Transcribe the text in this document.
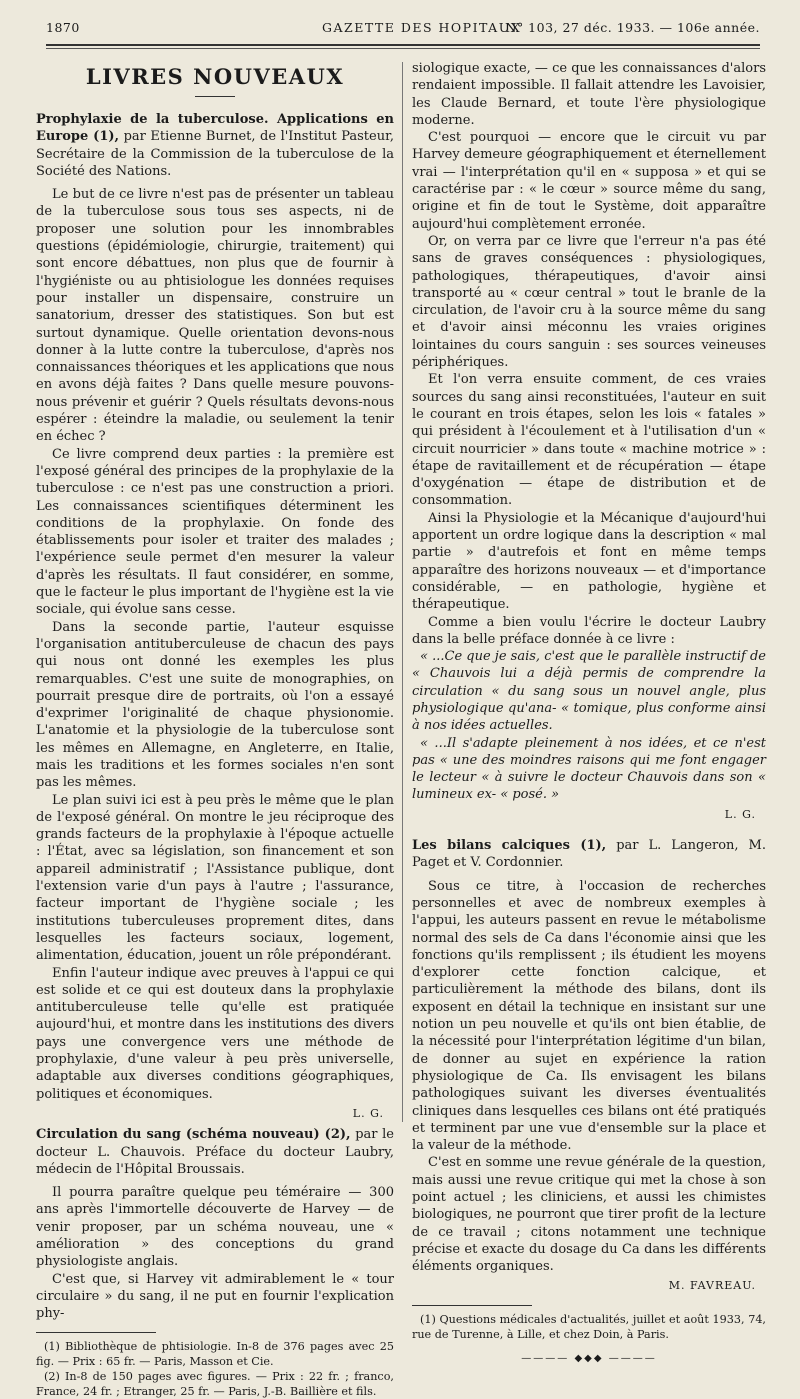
1870	GAZETTE DES HOPITAUX
N° 103, 27 déc. 1933. — 106e année.
LIVRES NOUVEAUX
Prophylaxie de la tuberculose. Applications en Europe (1), par Etienne Burnet, de l'Institut Pasteur, Secrétaire de la Commission de la tuberculose de la Société des Nations.

Le but de ce livre n'est pas de présenter un tableau de la tuberculose sous tous ses aspects, ni de proposer une solution pour les innombrables questions (épidémiologie, chirurgie, traitement) qui sont encore débattues, non plus que de fournir à l'hygiéniste ou au phtisiologue les données requises pour installer un dispensaire, construire un sanatorium, dresser des statistiques. Son but est surtout dynamique. Quelle orientation devons-nous donner à la lutte contre la tuberculose, d'après nos connaissances théoriques et les applications que nous en avons déjà faites ? Dans quelle mesure pouvons-nous prévenir et guérir ? Quels résultats devons-nous espérer : éteindre la maladie, ou seulement la tenir en échec ?

Ce livre comprend deux parties : la première est l'exposé général des principes de la prophylaxie de la tuberculose : ce n'est pas une construction a priori. Les connaissances scientifiques déterminent les conditions de la prophylaxie. On fonde des établissements pour isoler et traiter des malades ; l'expérience seule permet d'en mesurer la valeur d'après les résultats. Il faut considérer, en somme, que le facteur le plus important de l'hygiène est la vie sociale, qui évolue sans cesse.

Dans la seconde partie, l'auteur esquisse l'organisation antituberculeuse de chacun des pays qui nous ont donné les exemples les plus remarquables. C'est une suite de monographies, on pourrait presque dire de portraits, où l'on a essayé d'exprimer l'originalité de chaque physionomie. L'anatomie et la physiologie de la tuberculose sont les mêmes en Allemagne, en Angleterre, en Italie, mais les traditions et les formes sociales n'en sont pas les mêmes.

Le plan suivi ici est à peu près le même que le plan de l'exposé général. On montre le jeu réciproque des grands facteurs de la prophylaxie à l'époque actuelle : l'État, avec sa législation, son financement et son appareil administratif ; l'Assistance publique, dont l'extension varie d'un pays à l'autre ; l'assurance, facteur important de l'hygiène sociale ; les institutions tuberculeuses proprement dites, dans lesquelles les facteurs sociaux, logement, alimentation, éducation, jouent un rôle prépondérant.

Enfin l'auteur indique avec preuves à l'appui ce qui est solide et ce qui est douteux dans la prophylaxie antituberculeuse telle qu'elle est pratiquée aujourd'hui, et montre dans les institutions des divers pays une convergence vers une méthode de prophylaxie, d'une valeur à peu près universelle, adaptable aux diverses conditions géographiques, politiques et économiques.

L. G.
Circulation du sang (schéma nouveau) (2), par le docteur L. Chauvois. Préface du docteur Laubry, médecin de l'Hôpital Broussais.

Il pourra paraître quelque peu téméraire — 300 ans après l'immortelle découverte de Harvey — de venir proposer, par un schéma nouveau, une « amélioration » des conceptions du grand physiologiste anglais.

C'est que, si Harvey vit admirablement le « tour circulaire » du sang, il ne put en fournir l'explication phy-

(1) Bibliothèque de phtisiologie. In-8 de 376 pages avec 25 fig. — Prix : 65 fr. — Paris, Masson et Cie.

(2) In-8 de 150 pages avec figures. — Prix : 22 fr. ; franco, France, 24 fr. ; Etranger, 25 fr. — Paris, J.-B. Baillière et fils.

siologique exacte, — ce que les connaissances d'alors rendaient impossible. Il fallait attendre les Lavoisier, les Claude Bernard, et toute l'ère physiologique moderne.

C'est pourquoi — encore que le circuit vu par Harvey demeure géographiquement et éternellement vrai — l'interprétation qu'il en « supposa » et qui se caractérise par : « le cœur » source même du sang, origine et fin de tout le Système, doit apparaître aujourd'hui complètement erronée.

Or, on verra par ce livre que l'erreur n'a pas été sans de graves conséquences : physiologiques, pathologiques, thérapeutiques, d'avoir ainsi transporté au « cœur central » tout le branle de la circulation, de l'avoir cru à la source même du sang et d'avoir ainsi méconnu les vraies origines lointaines du cours sanguin : ses sources veineuses périphériques.

Et l'on verra ensuite comment, de ces vraies sources du sang ainsi reconstituées, l'auteur en suit le courant en trois étapes, selon les lois « fatales » qui président à l'écoulement et à l'utilisation d'un « circuit nourricier » dans toute « machine motrice » : étape de ravitaillement et de récupération — étape d'oxygénation — étape de distribution et de consommation.

Ainsi la Physiologie et la Mécanique d'aujourd'hui apportent un ordre logique dans la description « mal partie » d'autrefois et font en même temps apparaître des horizons nouveaux — et d'importance considérable, — en pathologie, hygiène et thérapeutique.

Comme a bien voulu l'écrire le docteur Laubry dans la belle préface donnée à ce livre :

« ...Ce que je sais, c'est que le parallèle instructif de « Chauvois lui a déjà permis de comprendre la circulation « du sang sous un nouvel angle, plus physiologique qu'ana- « tomique, plus conforme ainsi à nos idées actuelles.

« ...Il s'adapte pleinement à nos idées, et ce n'est pas « une des moindres raisons qui me font engager le lecteur « à suivre le docteur Chauvois dans son « lumineux ex- « posé. »

L. G.
Les bilans calciques (1), par L. Langeron, M. Paget et V. Cordonnier.

Sous ce titre, à l'occasion de recherches personnelles et avec de nombreux exemples à l'appui, les auteurs passent en revue le métabolisme normal des sels de Ca dans l'économie ainsi que les fonctions qu'ils remplissent ; ils étudient les moyens d'explorer cette fonction calcique, et particulièrement la méthode des bilans, dont ils exposent en détail la technique en insistant sur une notion un peu nouvelle et qu'ils ont bien établie, de la nécessité pour l'interprétation légitime d'un bilan, de donner au sujet en expérience la ration physiologique de Ca. Ils envisagent les bilans pathologiques suivant les diverses éventualités cliniques dans lesquelles ces bilans ont été pratiqués et terminent par une vue d'ensemble sur la place et la valeur de la méthode.

C'est en somme une revue générale de la question, mais aussi une revue critique qui met la chose à son point actuel ; les cliniciens, et aussi les chimistes biologiques, ne pourront que tirer profit de la lecture de ce travail ; citons notamment une technique précise et exacte du dosage du Ca dans les différents éléments organiques.

M. FAVREAU.

(1) Questions médicales d'actualités, juillet et août 1933, 74, rue de Turenne, à Lille, et chez Doin, à Paris.

———— ◆◆◆ ————
